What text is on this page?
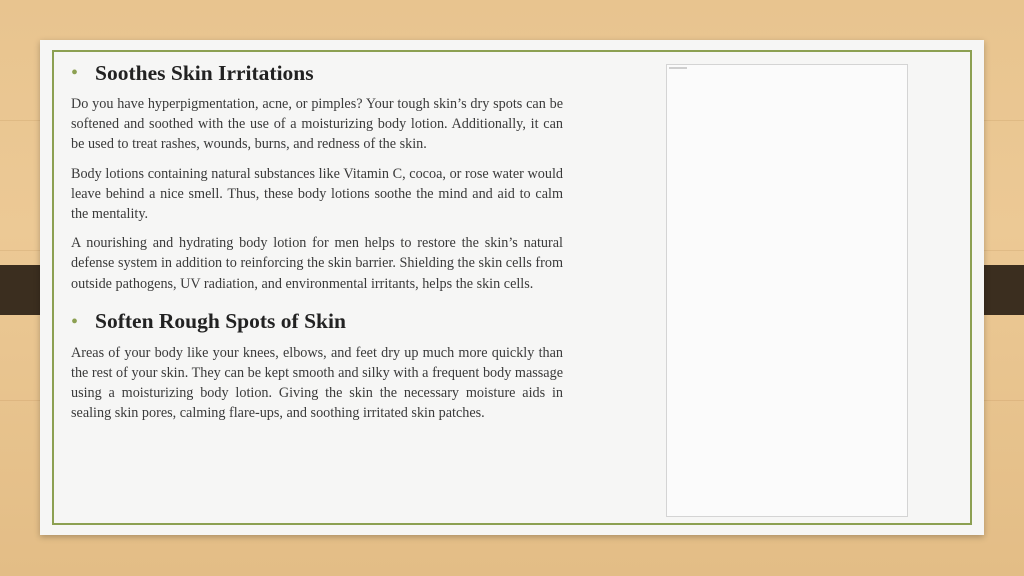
• Soothes Skin Irritations

Do you have hyperpigmentation, acne, or pimples? Your tough skin’s dry spots can be softened and soothed with the use of a moisturizing body lotion. Additionally, it can be used to treat rashes, wounds, burns, and redness of the skin.

Body lotions containing natural substances like Vitamin C, cocoa, or rose water would leave behind a nice smell. Thus, these body lotions soothe the mind and aid to calm the mentality.

A nourishing and hydrating body lotion for men helps to restore the skin’s natural defense system in addition to reinforcing the skin barrier. Shielding the skin cells from outside pathogens, UV radiation, and environmental irritants, helps the skin cells.

• Soften Rough Spots of Skin

Areas of your body like your knees, elbows, and feet dry up much more quickly than the rest of your skin. They can be kept smooth and silky with a frequent body massage using a moisturizing body lotion. Giving the skin the necessary moisture aids in sealing skin pores, calming flare-ups, and soothing irritated skin patches.
